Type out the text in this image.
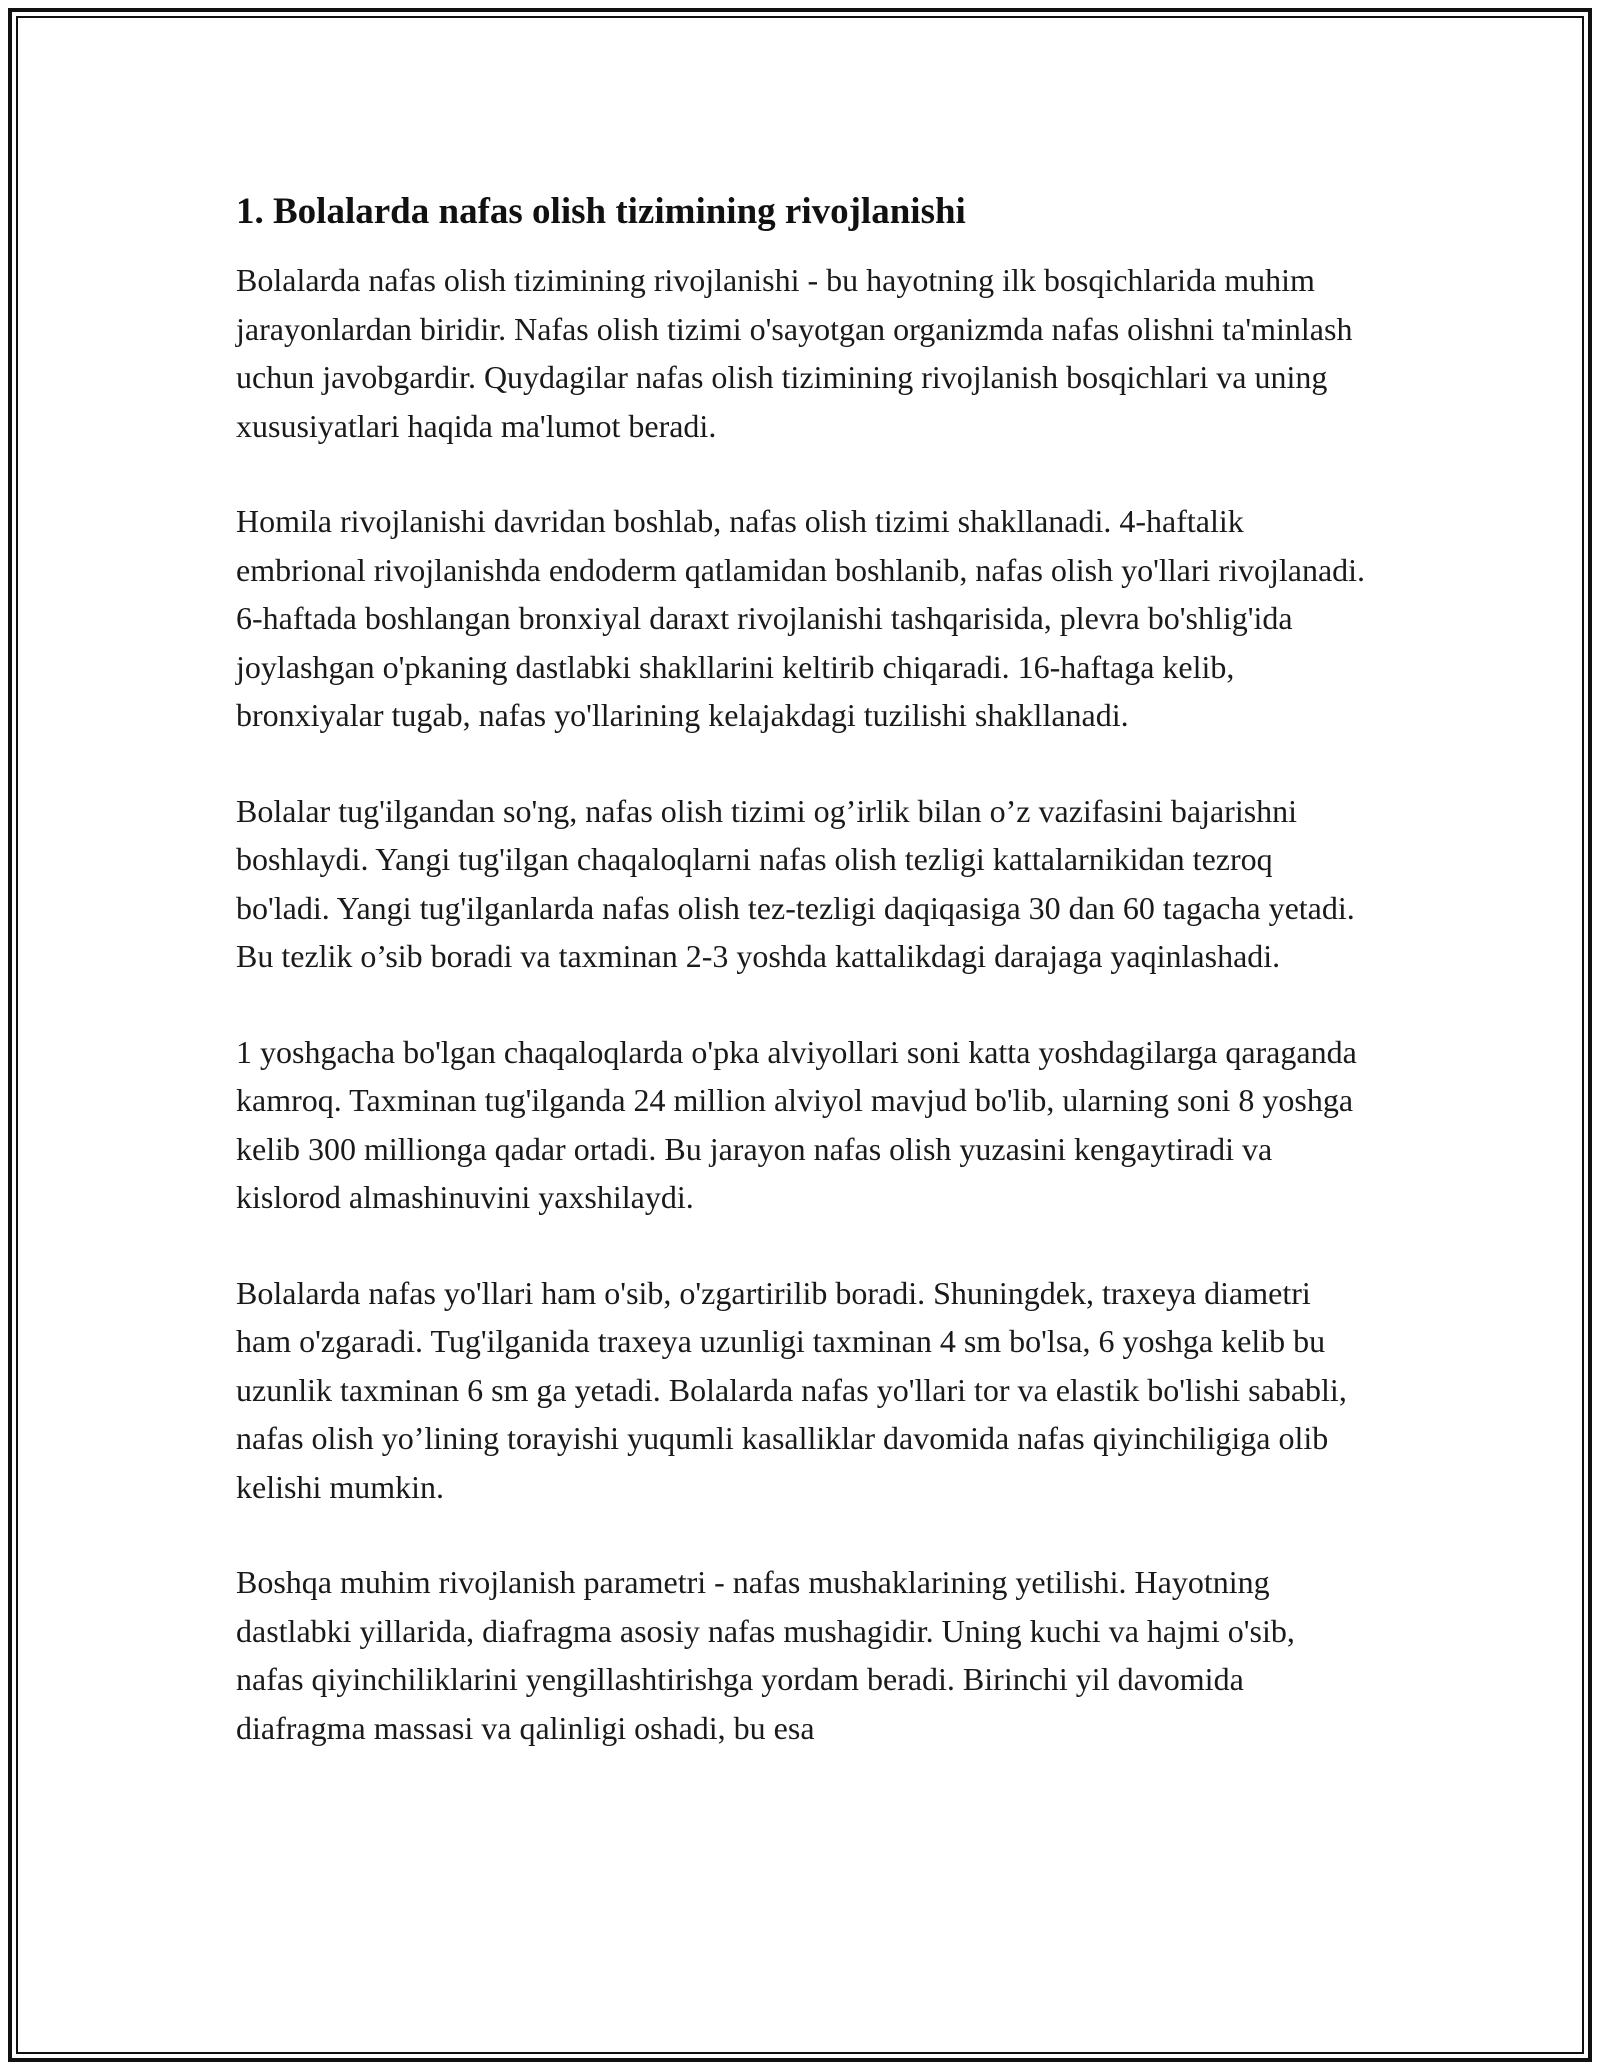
1. Bolalarda nafas olish tizimining rivojlanishi

Bolalarda nafas olish tizimining rivojlanishi - bu hayotning ilk bosqichlarida muhim jarayonlardan biridir. Nafas olish tizimi o'sayotgan organizmda nafas olishni ta'minlash uchun javobgardir. Quydagilar nafas olish tizimining rivojlanish bosqichlari va uning xususiyatlari haqida ma'lumot beradi.

Homila rivojlanishi davridan boshlab, nafas olish tizimi shakllanadi. 4-haftalik embrional rivojlanishda endoderm qatlamidan boshlanib, nafas olish yo'llari rivojlanadi. 6-haftada boshlangan bronxiyal daraxt rivojlanishi tashqarisida, plevra bo'shlig'ida joylashgan o'pkaning dastlabki shakllarini keltirib chiqaradi. 16-haftaga kelib, bronxiyalar tugab, nafas yo'llarining kelajakdagi tuzilishi shakllanadi.

Bolalar tug'ilgandan so'ng, nafas olish tizimi og’irlik bilan o’z vazifasini bajarishni boshlaydi. Yangi tug'ilgan chaqaloqlarni nafas olish tezligi kattalarnikidan tezroq bo'ladi. Yangi tug'ilganlarda nafas olish tez-tezligi daqiqasiga 30 dan 60 tagacha yetadi. Bu tezlik o’sib boradi va taxminan 2-3 yoshda kattalikdagi darajaga yaqinlashadi.

1 yoshgacha bo'lgan chaqaloqlarda o'pka alviyollari soni katta yoshdagilarga qaraganda kamroq. Taxminan tug'ilganda 24 million alviyol mavjud bo'lib, ularning soni 8 yoshga kelib 300 millionga qadar ortadi. Bu jarayon nafas olish yuzasini kengaytiradi va kislorod almashinuvini yaxshilaydi.

Bolalarda nafas yo'llari ham o'sib, o'zgartirilib boradi. Shuningdek, traxeya diametri ham o'zgaradi. Tug'ilganida traxeya uzunligi taxminan 4 sm bo'lsa, 6 yoshga kelib bu uzunlik taxminan 6 sm ga yetadi. Bolalarda nafas yo'llari tor va elastik bo'lishi sababli, nafas olish yo’lining torayishi yuqumli kasalliklar davomida nafas qiyinchiligiga olib kelishi mumkin.

Boshqa muhim rivojlanish parametri - nafas mushaklarining yetilishi. Hayotning dastlabki yillarida, diafragma asosiy nafas mushagidir. Uning kuchi va hajmi o'sib, nafas qiyinchiliklarini yengillashtirishga yordam beradi. Birinchi yil davomida diafragma massasi va qalinligi oshadi, bu esa
